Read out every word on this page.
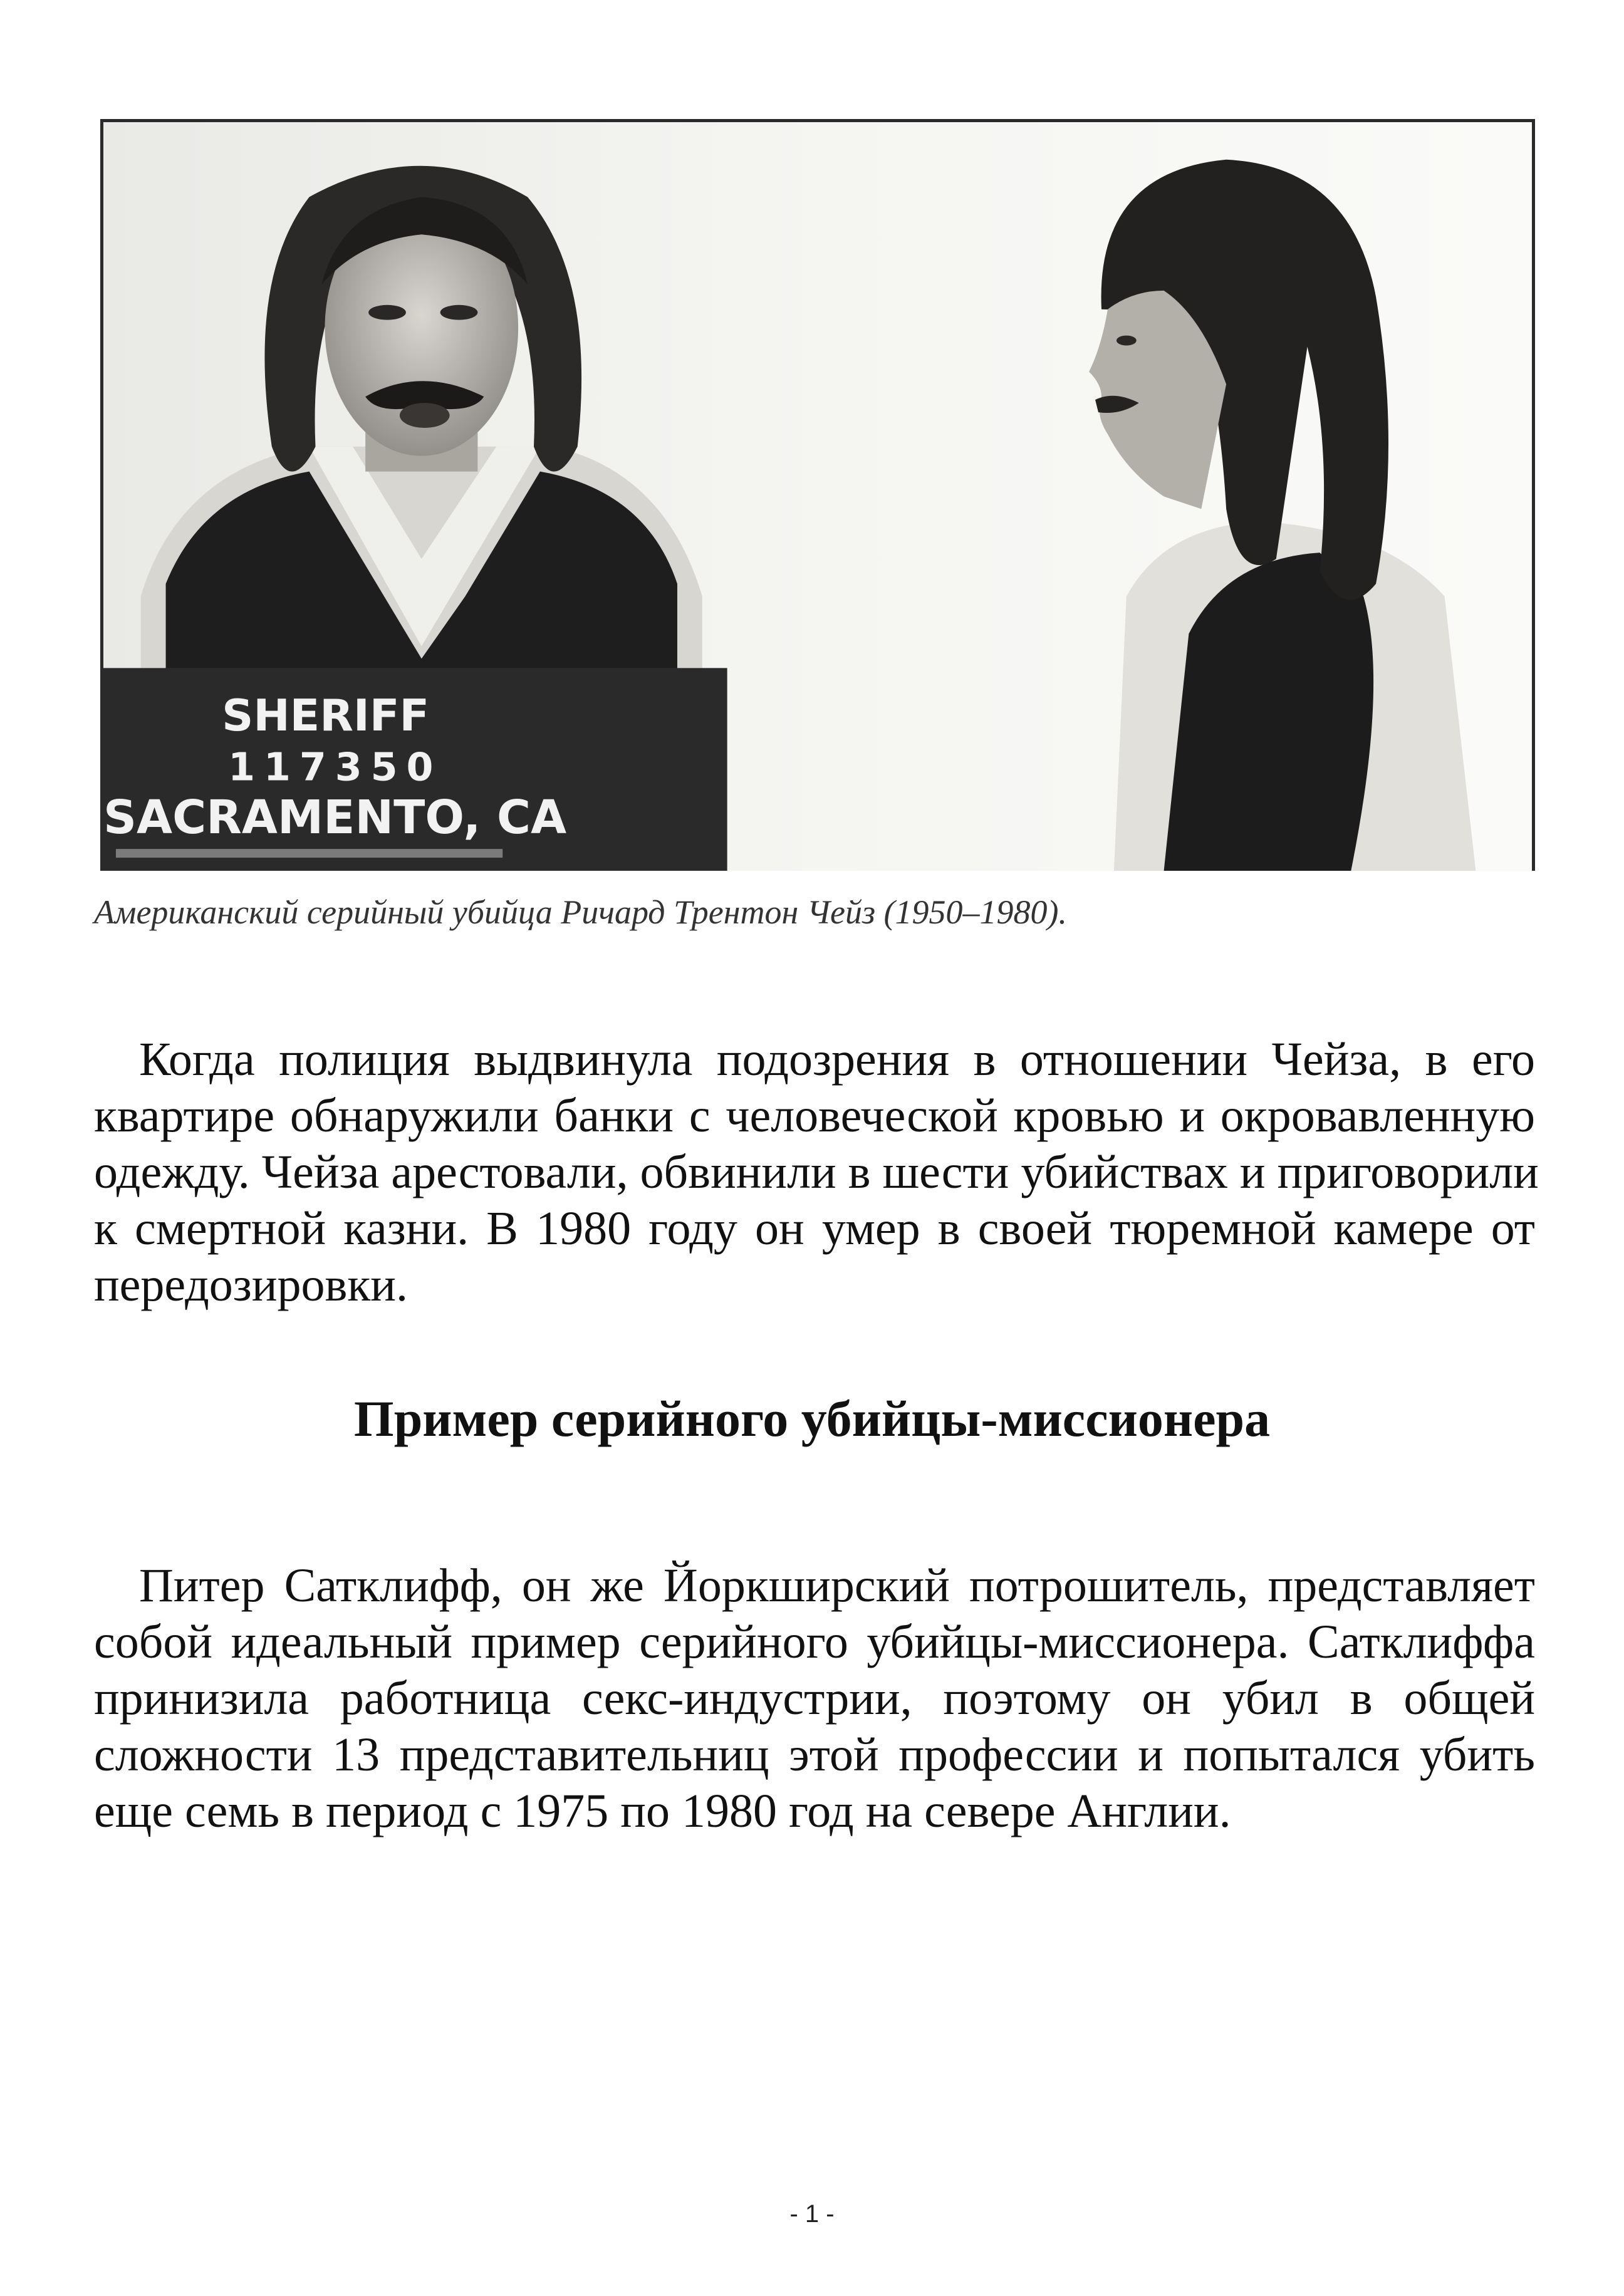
SHERIFF
117350
SACRAMENTO, CA
Американский серийный убийца Ричард Трентон Чейз (1950–1980).
Когда полиция выдвинула подозрения в отношении Чейза, в его
квартире обнаружили банки с человеческой кровью и окровавленную
одежду. Чейза арестовали, обвинили в шести убийствах и приговорили
к смертной казни. В 1980 году он умер в своей тюремной камере от
передозировки.
Пример серийного убийцы-миссионера
Питер Сатклифф, он же Йоркширский потрошитель, представляет
собой идеальный пример серийного убийцы-миссионера. Сатклиффа
принизила работница секс-индустрии, поэтому он убил в общей
сложности 13 представительниц этой профессии и попытался убить
еще семь в период с 1975 по 1980 год на севере Англии.
- 1 -
